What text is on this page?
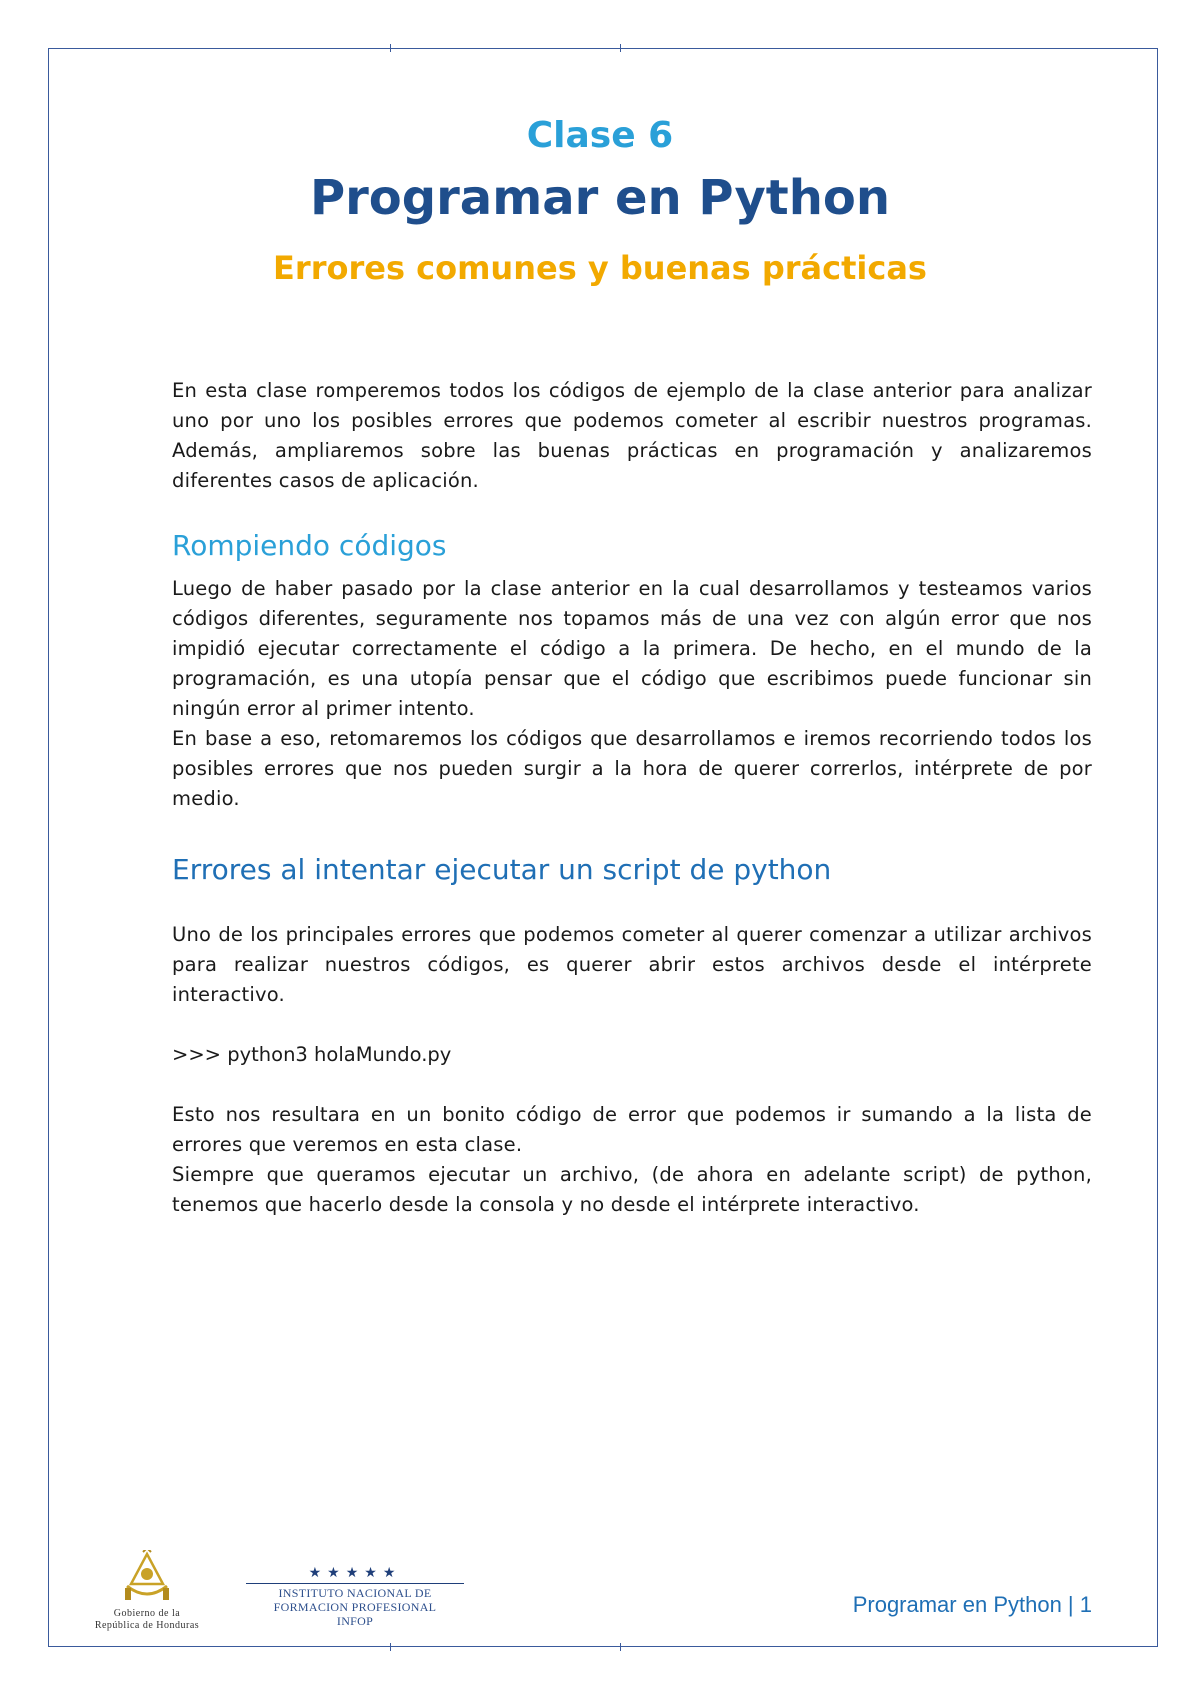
Clase 6
Programar en Python
Errores comunes y buenas prácticas

En esta clase romperemos todos los códigos de ejemplo de la clase anterior para analizar uno por uno los posibles errores que podemos cometer al escribir nuestros programas. Además, ampliaremos sobre las buenas prácticas en programación y analizaremos diferentes casos de aplicación.

Rompiendo códigos

Luego de haber pasado por la clase anterior en la cual desarrollamos y testeamos varios códigos diferentes, seguramente nos topamos más de una vez con algún error que nos impidió ejecutar correctamente el código a la primera. De hecho, en el mundo de la programación, es una utopía pensar que el código que escribimos puede funcionar sin ningún error al primer intento.

En base a eso, retomaremos los códigos que desarrollamos e iremos recorriendo todos los posibles errores que nos pueden surgir a la hora de querer correrlos, intérprete de por medio.

Errores al intentar ejecutar un script de python

Uno de los principales errores que podemos cometer al querer comenzar a utilizar archivos para realizar nuestros códigos, es querer abrir estos archivos desde el intérprete interactivo.

>>> python3 holaMundo.py

Esto nos resultara en un bonito código de error que podemos ir sumando a la lista de errores que veremos en esta clase.

Siempre que queramos ejecutar un archivo, (de ahora en adelante script) de python, tenemos que hacerlo desde la consola y no desde el intérprete interactivo.

Gobierno de la
República de Honduras
★★★★★
INSTITUTO NACIONAL DE
FORMACION PROFESIONAL
INFOP
Programar en Python | 1
